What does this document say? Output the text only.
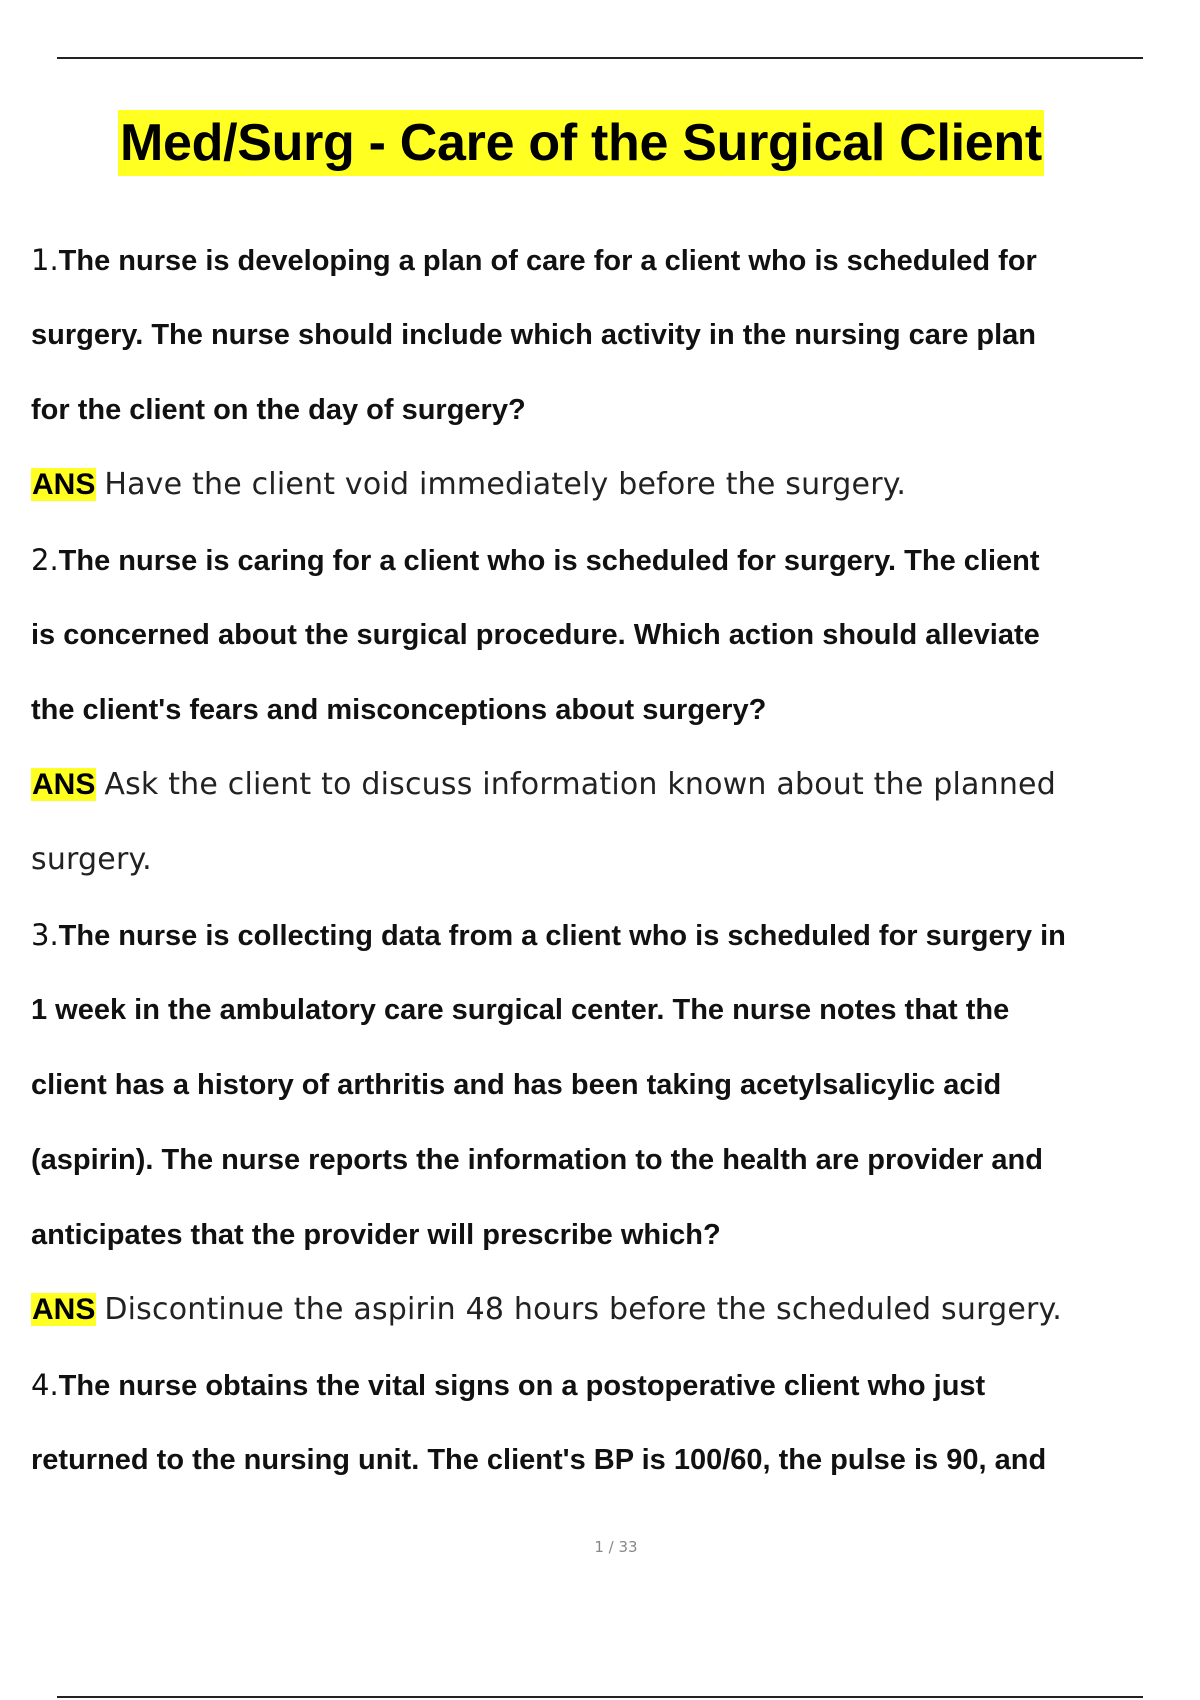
Med/Surg - Care of the Surgical Client
1.The nurse is developing a plan of care for a client who is scheduled for
surgery. The nurse should include which activity in the nursing care plan
for the client on the day of surgery?
ANS Have the client void immediately before the surgery.
2.The nurse is caring for a client who is scheduled for surgery. The client
is concerned about the surgical procedure. Which action should alleviate
the client's fears and misconceptions about surgery?
ANS Ask the client to discuss information known about the planned
surgery.
3.The nurse is collecting data from a client who is scheduled for surgery in
1 week in the ambulatory care surgical center. The nurse notes that the
client has a history of arthritis and has been taking acetylsalicylic acid
(aspirin). The nurse reports the information to the health are provider and
anticipates that the provider will prescribe which?
ANS Discontinue the aspirin 48 hours before the scheduled surgery.
4.The nurse obtains the vital signs on a postoperative client who just
returned to the nursing unit. The client's BP is 100/60, the pulse is 90, and
1 / 33
